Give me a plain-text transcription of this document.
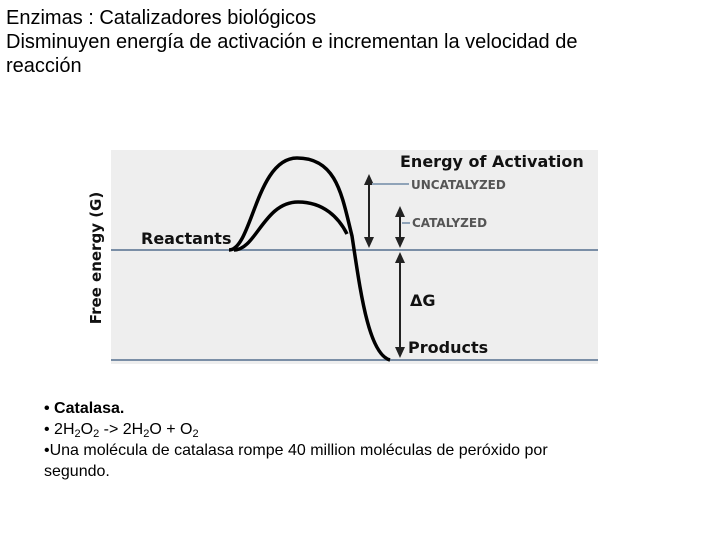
Enzimas : Catalizadores biológicos
Disminuyen energía de activación e incrementan la velocidad de
reacción
Free energy (G) Reactants
Energy of Activation
UNCATALYZED
CATALYZED
ΔG
Products
• Catalasa.
• $2H_2O_2 -> 2H_2O + O_2$
•Una molécula de catalasa rompe 40 million moléculas de peróxido por
segundo.
